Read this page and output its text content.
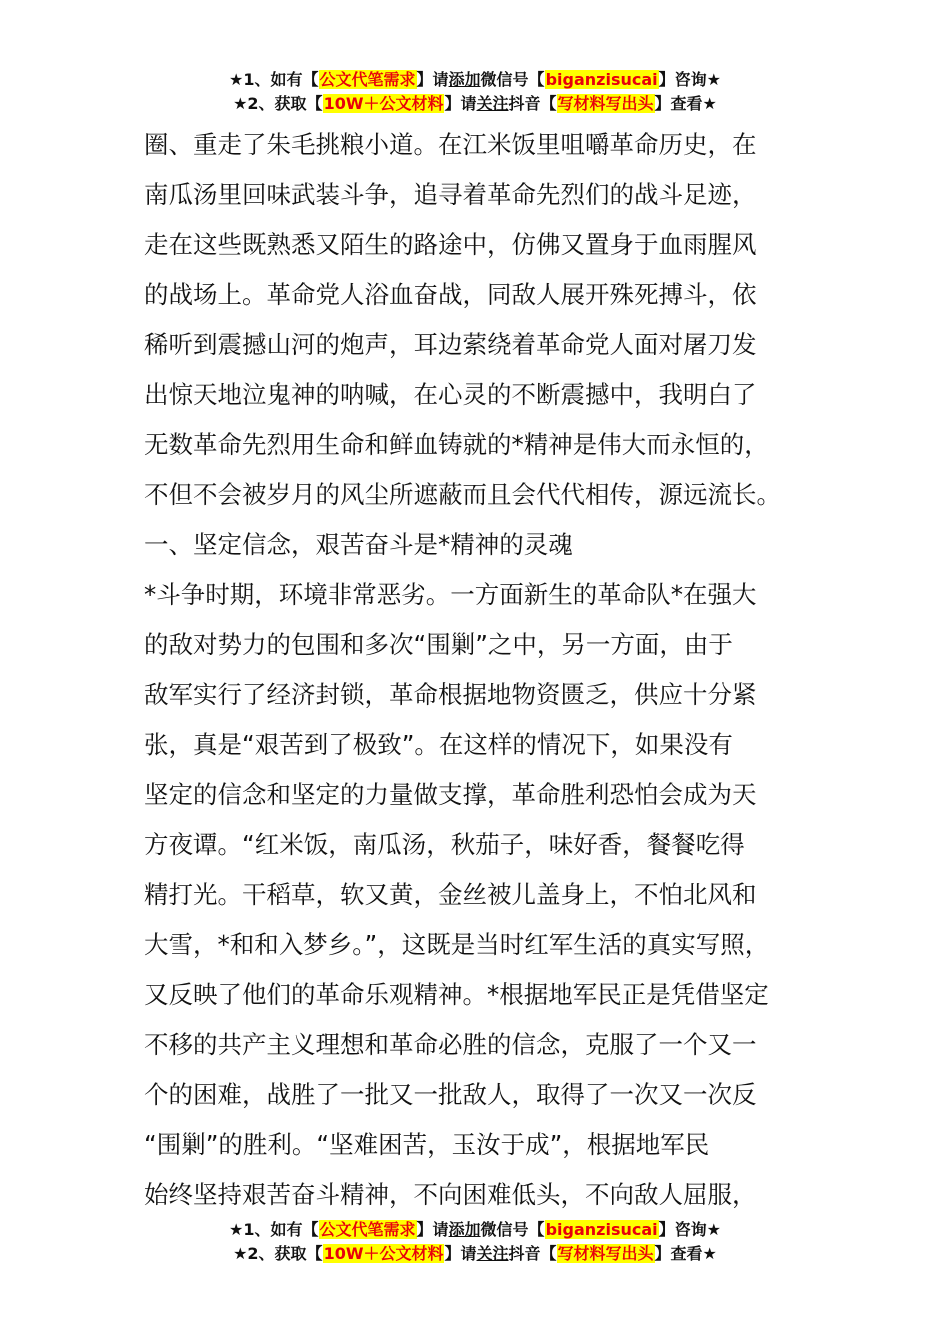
★1、如有【公文代笔需求】请添加微信号【biganzisucai】咨询★
★2、获取【10W＋公文材料】请关注抖音【写材料写出头】查看★
圈、重走了朱毛挑粮小道。在江米饭里咀嚼革命历史，在
南瓜汤里回味武装斗争，追寻着革命先烈们的战斗足迹，
走在这些既熟悉又陌生的路途中，仿佛又置身于血雨腥风
的战场上。革命党人浴血奋战，同敌人展开殊死搏斗，依
稀听到震撼山河的炮声，耳边萦绕着革命党人面对屠刀发
出惊天地泣鬼神的呐喊，在心灵的不断震撼中，我明白了
无数革命先烈用生命和鲜血铸就的*精神是伟大而永恒的，
不但不会被岁月的风尘所遮蔽而且会代代相传，源远流长。
一、坚定信念，艰苦奋斗是*精神的灵魂
*斗争时期，环境非常恶劣。一方面新生的革命队*在强大
的敌对势力的包围和多次“围剿”之中，另一方面，由于
敌军实行了经济封锁，革命根据地物资匮乏，供应十分紧
张，真是“艰苦到了极致”。在这样的情况下，如果没有
坚定的信念和坚定的力量做支撑，革命胜利恐怕会成为天
方夜谭。“红米饭，南瓜汤，秋茄子，味好香，餐餐吃得
精打光。干稻草，软又黄，金丝被儿盖身上，不怕北风和
大雪，*和和入梦乡。”，这既是当时红军生活的真实写照，
又反映了他们的革命乐观精神。*根据地军民正是凭借坚定
不移的共产主义理想和革命必胜的信念，克服了一个又一
个的困难，战胜了一批又一批敌人，取得了一次又一次反
“围剿”的胜利。“坚难困苦，玉汝于成”，根据地军民
始终坚持艰苦奋斗精神，不向困难低头，不向敌人屈服，
★1、如有【公文代笔需求】请添加微信号【biganzisucai】咨询★
★2、获取【10W＋公文材料】请关注抖音【写材料写出头】查看★
